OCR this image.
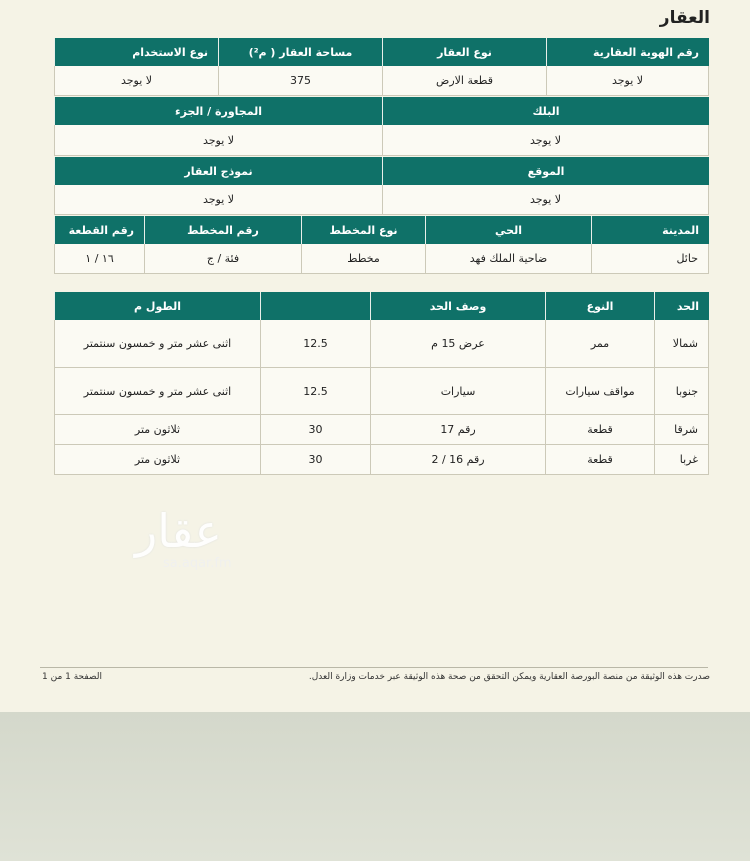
العقار
رقم الهوية العقارية
نوع العقار
مساحة العقار ( م²)
نوع الاستخدام
لا يوجد
قطعة الارض
375
لا يوجد
البلك
المجاورة / الجزء
لا يوجد
لا يوجد
الموقع
نموذج العقار
لا يوجد
لا يوجد
المدينة
الحي
نوع المخطط
رقم المخطط
رقم القطعة
حائل
ضاحية الملك فهد
مخطط
فئة / ج
١٦ / ١
الحد
النوع
وصف الحد
الطول م
شمالا
ممر
عرض 15 م
12.5
اثنى عشر متر و خمسون سنتمتر
جنوبا
مواقف سيارات
سيارات
12.5
اثنى عشر متر و خمسون سنتمتر
شرقا
قطعة
رقم 17
30
ثلاثون متر
غربا
قطعة
رقم 16 / 2
30
ثلاثون متر
عقار
sa.aqar.fm
صدرت هذه الوثيقة من منصة البورصة العقارية ويمكن التحقق من صحة هذه الوثيقة عبر خدمات وزارة العدل.
الصفحة 1 من 1
